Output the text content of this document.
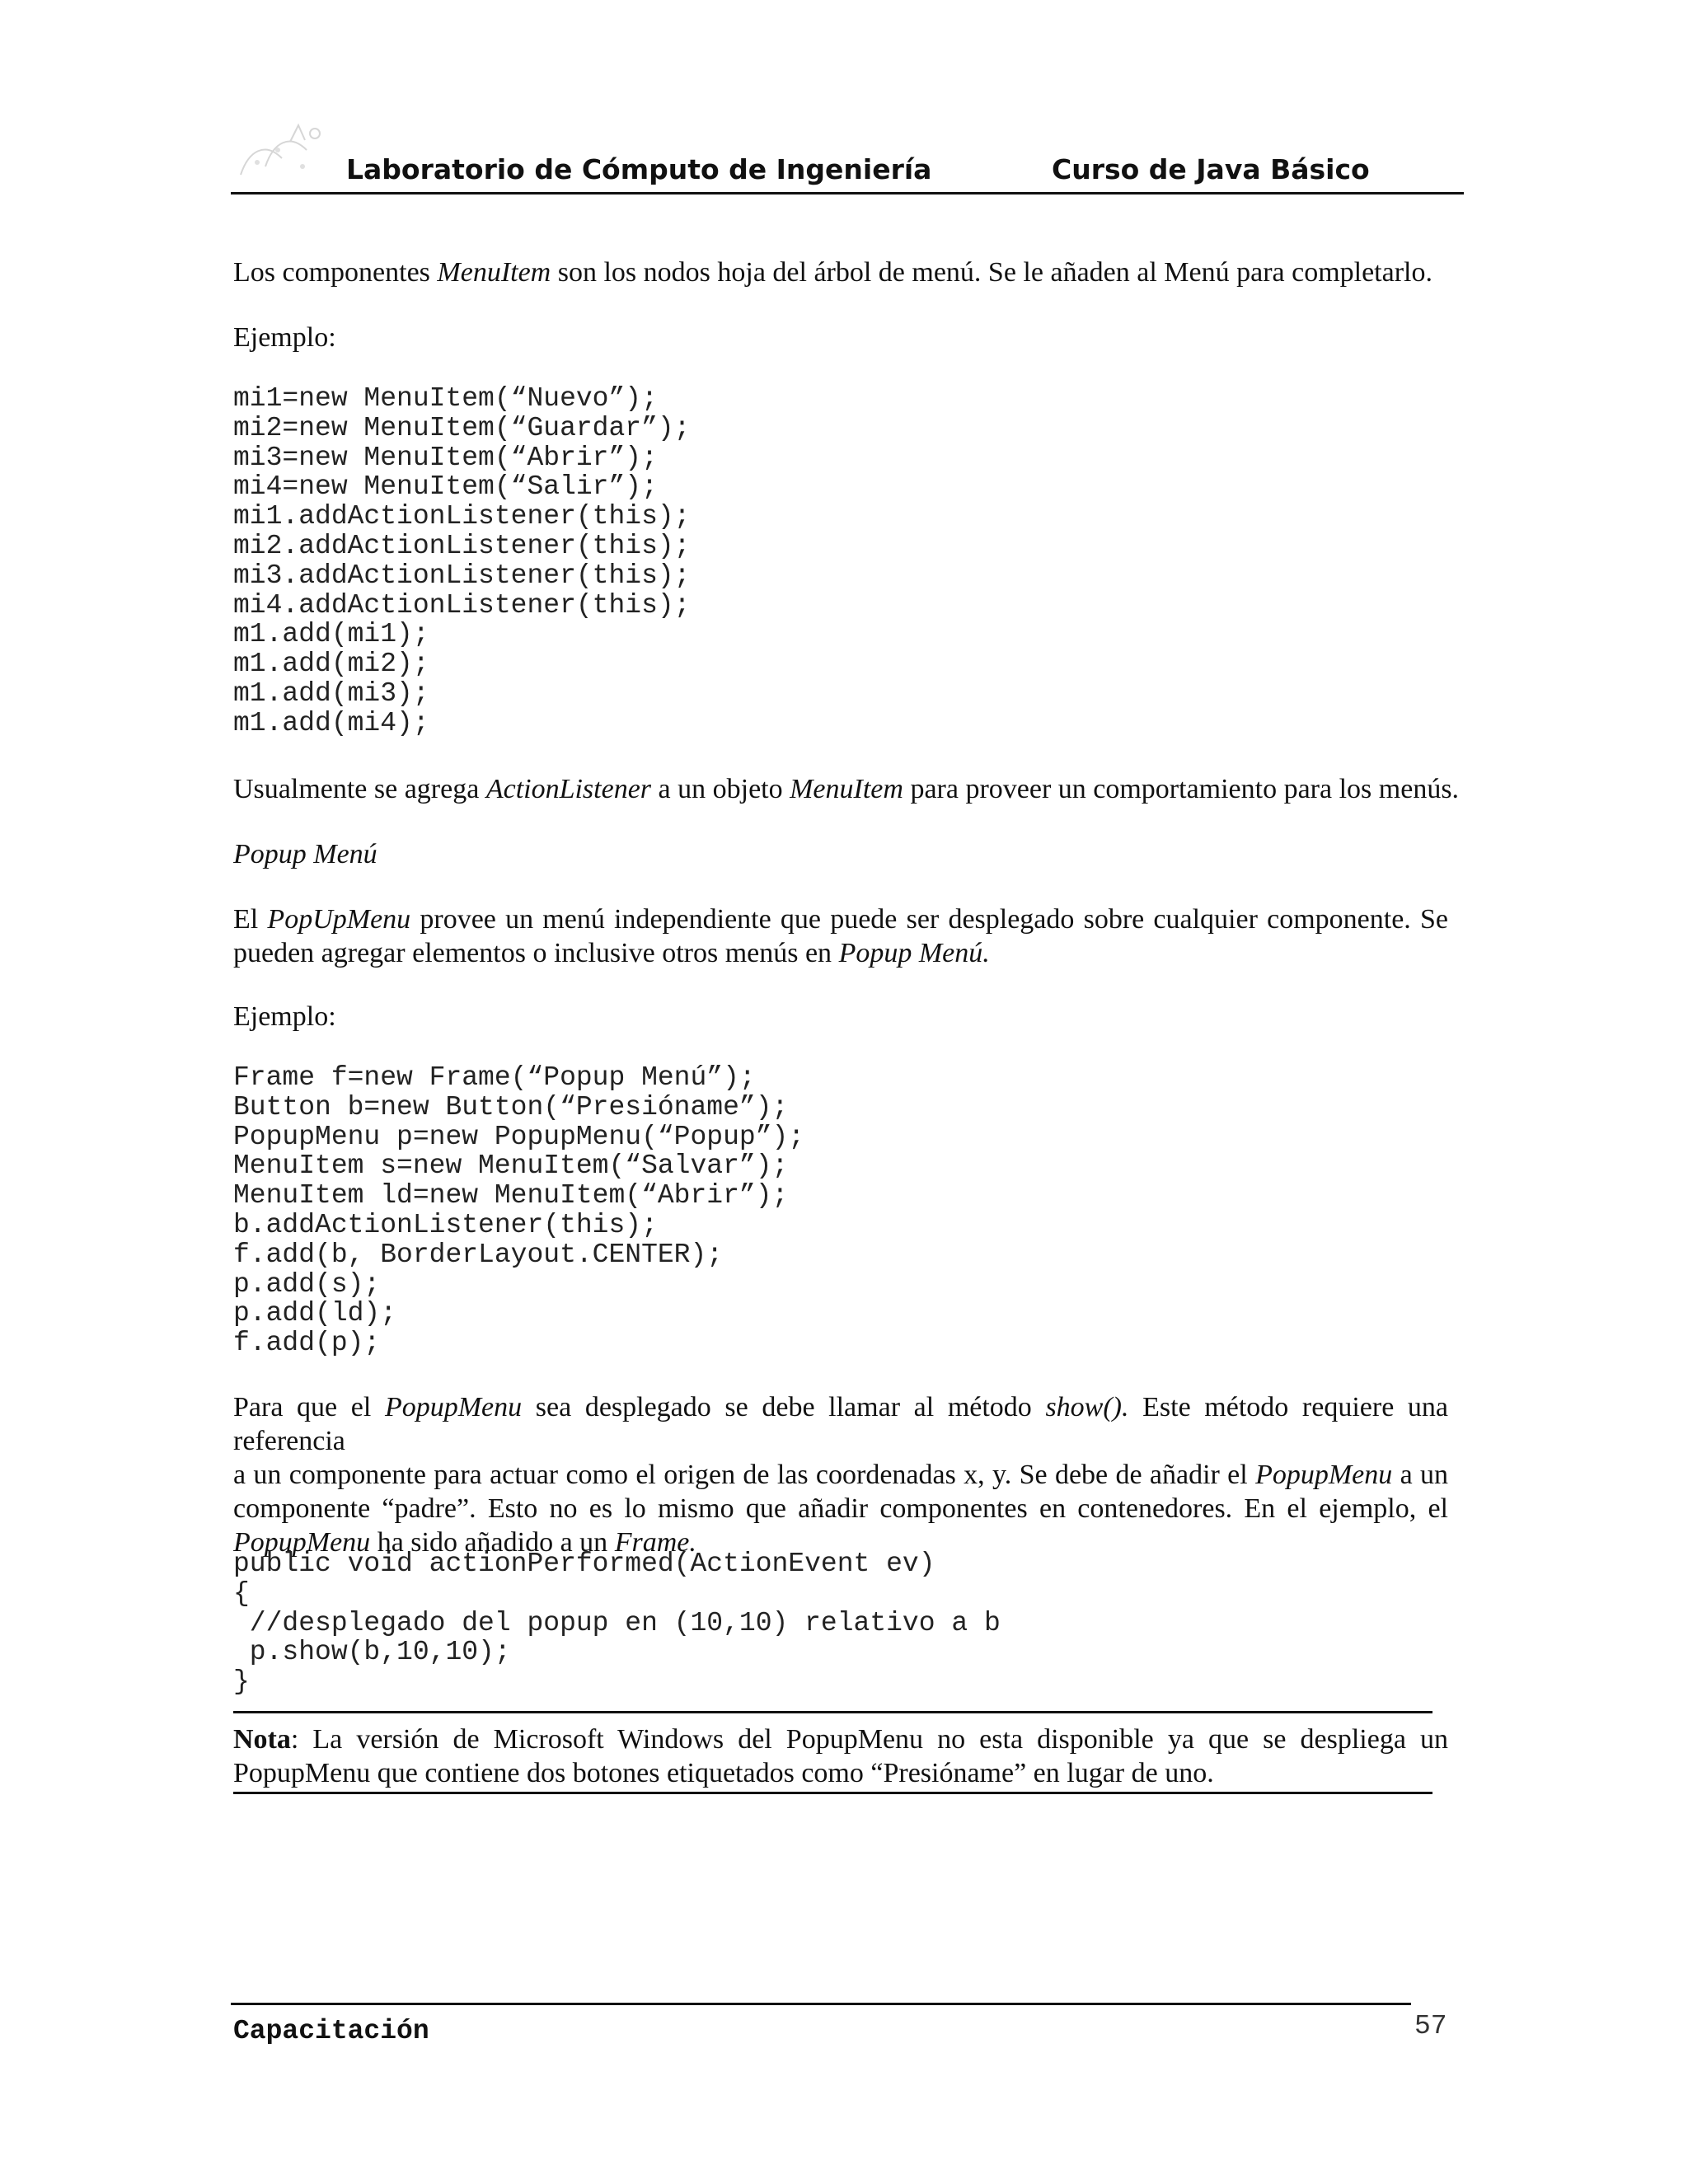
Laboratorio de Cómputo de Ingeniería	Curso de Java Básico
Los componentes MenuItem son los nodos hoja del árbol de menú. Se le añaden al Menú para completarlo.
Ejemplo:
mi1=new MenuItem(“Nuevo”);
mi2=new MenuItem(“Guardar”);
mi3=new MenuItem(“Abrir”);
mi4=new MenuItem(“Salir”);
mi1.addActionListener(this);
mi2.addActionListener(this);
mi3.addActionListener(this);
mi4.addActionListener(this);
m1.add(mi1);
m1.add(mi2);
m1.add(mi3);
m1.add(mi4);
Usualmente se agrega ActionListener a un objeto MenuItem para proveer un comportamiento para los menús.
Popup Menú
El PopUpMenu provee un menú independiente que puede ser desplegado sobre cualquier componente. Se
pueden agregar elementos o inclusive otros menús en Popup Menú.
Ejemplo:
Frame f=new Frame(“Popup Menú”);
Button b=new Button(“Presióname”);
PopupMenu p=new PopupMenu(“Popup”);
MenuItem s=new MenuItem(“Salvar”);
MenuItem ld=new MenuItem(“Abrir”);
b.addActionListener(this);
f.add(b, BorderLayout.CENTER);
p.add(s);
p.add(ld);
f.add(p);
Para que el PopupMenu sea desplegado se debe llamar al método show(). Este método requiere una referencia
a un componente para actuar como el origen de las coordenadas x, y. Se debe de añadir el PopupMenu a un
componente “padre”. Esto no es lo mismo que añadir componentes en contenedores. En el ejemplo, el
PopupMenu ha sido añadido a un Frame.
public void actionPerformed(ActionEvent ev)
{
//desplegado del popup en (10,10) relativo a b
p.show(b,10,10);
}
Nota: La versión de Microsoft Windows del PopupMenu no esta disponible ya que se despliega un
PopupMenu que contiene dos botones etiquetados como “Presióname” en lugar de uno.
Capacitación	57
